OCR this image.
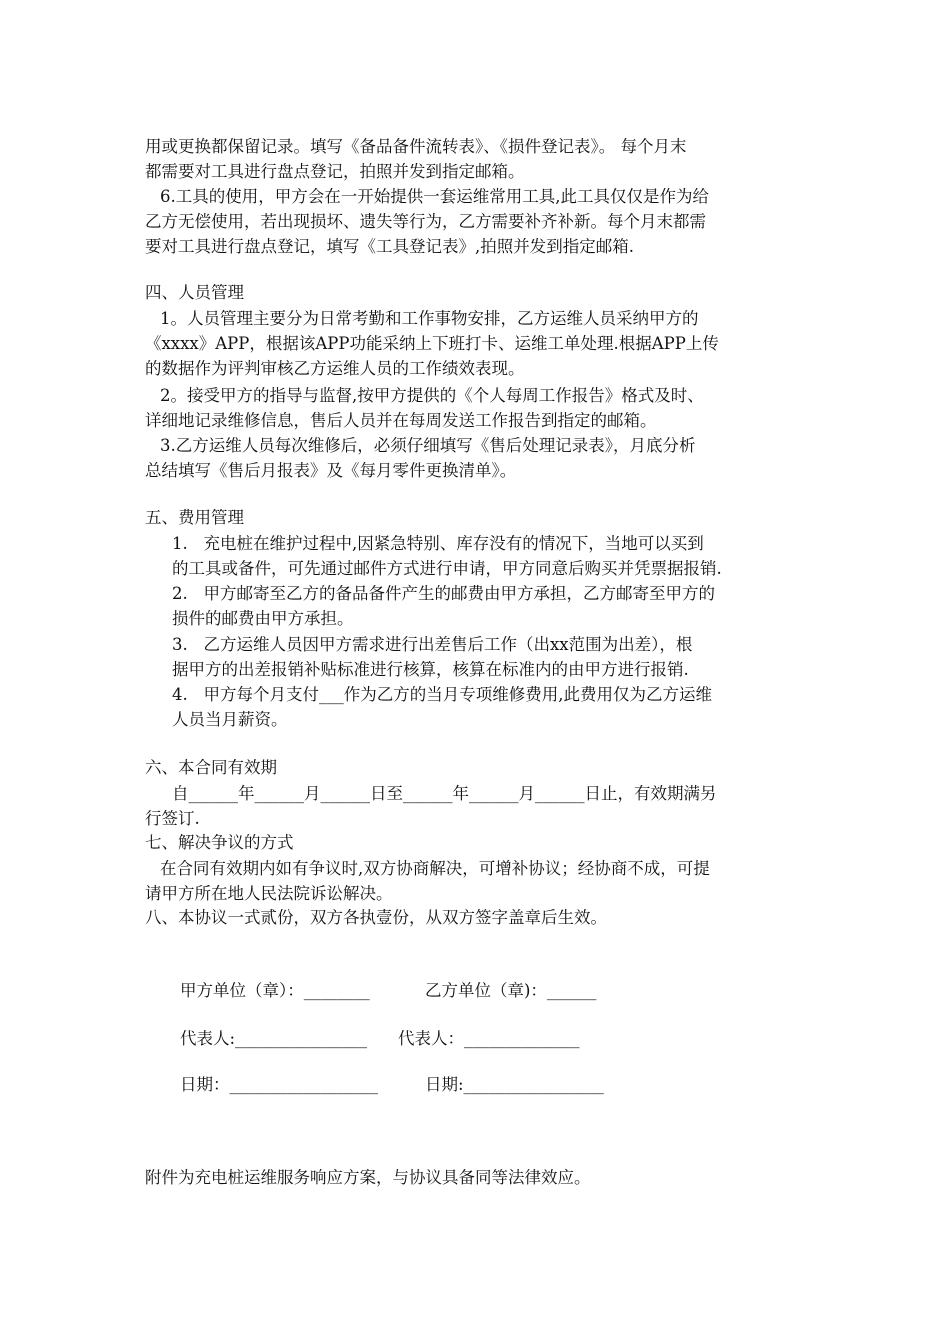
用或更换都保留记录。填写《备品备件流转表》、《损件登记表》。 每个月末
都需要对工具进行盘点登记，拍照并发到指定邮箱。
6.工具的使用，甲方会在一开始提供一套运维常用工具,此工具仅仅是作为给
乙方无偿使用，若出现损坏、遗失等行为，乙方需要补齐补新。每个月末都需
要对工具进行盘点登记，填写《工具登记表》,拍照并发到指定邮箱.
四、人员管理
1。人员管理主要分为日常考勤和工作事物安排，乙方运维人员采纳甲方的
《xxxx》APP，根据该APP功能采纳上下班打卡、运维工单处理.根据APP上传
的数据作为评判审核乙方运维人员的工作绩效表现。
2。接受甲方的指导与监督,按甲方提供的《个人每周工作报告》格式及时、
详细地记录维修信息，售后人员并在每周发送工作报告到指定的邮箱。
3.乙方运维人员每次维修后，必须仔细填写《售后处理记录表》，月底分析
总结填写《售后月报表》及《每月零件更换清单》。
五、费用管理
1.   充电桩在维护过程中,因紧急特别、库存没有的情况下，当地可以买到
的工具或备件，可先通过邮件方式进行申请，甲方同意后购买并凭票据报销.
2.   甲方邮寄至乙方的备品备件产生的邮费由甲方承担，乙方邮寄至甲方的
损件的邮费由甲方承担。
3.   乙方运维人员因甲方需求进行出差售后工作（出xx范围为出差），根
据甲方的出差报销补贴标准进行核算，核算在标准内的由甲方进行报销.
4.   甲方每个月支付___作为乙方的当月专项维修费用,此费用仅为乙方运维
人员当月薪资。
六、本合同有效期
自______年______月______日至______年______月______日止，有效期满另
行签订.
七、解决争议的方式
在合同有效期内如有争议时,双方协商解决，可增补协议；经协商不成，可提
请甲方所在地人民法院诉讼解决。
八、本协议一式贰份，双方各执壹份，从双方签字盖章后生效。
甲方单位（章）：________	乙方单位（章)：______
代表人:________________ 代表人：______________
日期：__________________	日期:_________________
附件为充电桩运维服务响应方案，与协议具备同等法律效应。
